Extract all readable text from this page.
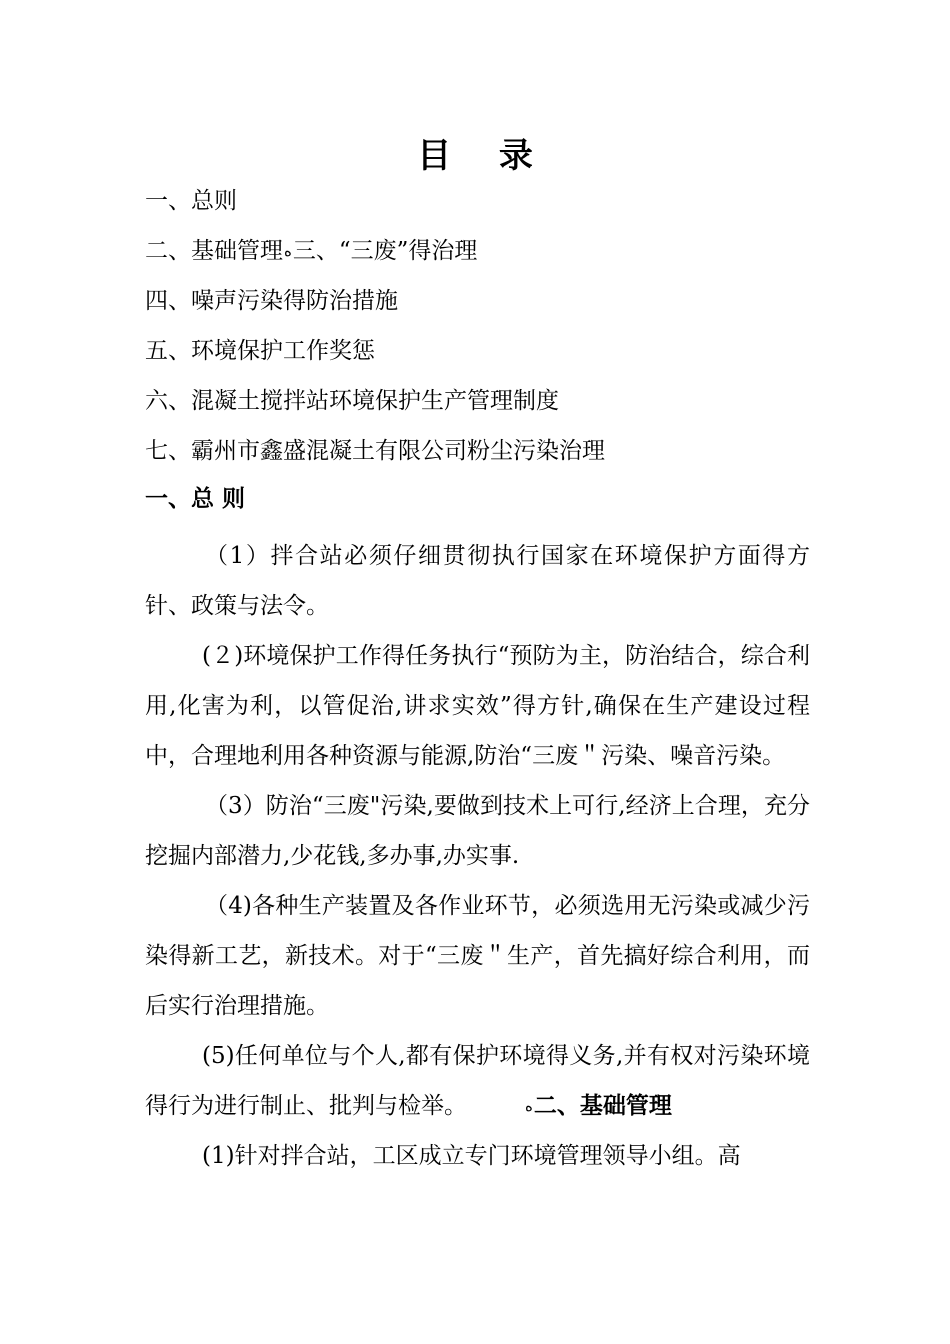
目 录
一、总则
二、基础管理ه三、“三废”得治理
四、噪声污染得防治措施
五、环境保护工作奖惩
六、混凝土搅拌站环境保护生产管理制度
七、霸州市鑫盛混凝土有限公司粉尘污染治理
一、总 则

（1）拌合站必须仔细贯彻执行国家在环境保护方面得方针、政策与法令。

(２)环境保护工作得任务执行“预防为主，防治结合，综合利用,化害为利，以管促治,讲求实效”得方针,确保在生产建设过程中，合理地利用各种资源与能源,防治“三废＂污染、噪音污染。

（3）防治“三废"污染,要做到技术上可行,经济上合理，充分挖掘内部潜力,少花钱,多办事,办实事.

（4)各种生产装置及各作业环节，必须选用无污染或减少污染得新工艺，新技术。对于“三废＂生产，首先搞好综合利用，而后实行治理措施。

(5)任何单位与个人,都有保护环境得义务,并有权对污染环境得行为进行制止、批判与检举。	ه二、基础管理

(1)针对拌合站，工区成立专门环境管理领导小组。高
